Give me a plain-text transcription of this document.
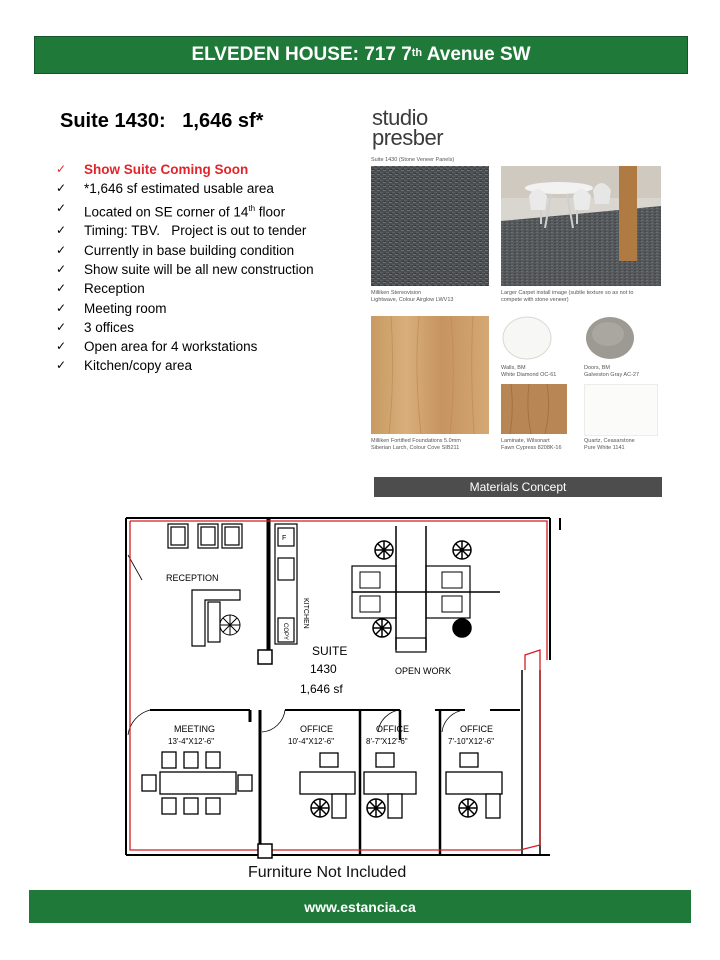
ELVEDEN HOUSE: 717 7th Avenue SW
Suite 1430:   1,646 sf*
✓ Show Suite Coming Soon
✓ *1,646 sf estimated usable area
✓ Located on SE corner of 14th floor
✓ Timing: TBV.   Project is out to tender
✓ Currently in base building condition
✓ Show suite will be all new construction
✓ Reception
✓ Meeting room
✓ 3 offices
✓ Open area for 4 workstations
✓ Kitchen/copy area
studio
presber
Suite 1430 (Stone Veneer Panels)
Milliken Stereovision
Lightwave, Colour Airglow LWV13
Larger Carpet install image (subtle texture so as not to
compete with stone veneer)
Milliken Fortified Foundations 5.0mm
Siberian Larch, Colour Cove SIB211
Walls, BM
White Diamond OC-61
Doors, BM
Galveston Gray AC-27
Laminate, Wilsonart
Fawn Cypress 8208K-16
Quartz, Ceasarstone
Pure White 1141
Materials Concept
RECEPTION
F
KITCHEN
COPY
SUITE
1430
1,646 sf
OPEN WORK
MEETING
13'-4"X12'-6"
OFFICE
10'-4"X12'-6"
OFFICE
8'-7"X12'-6"
OFFICE
7'-10"X12'-6"
Furniture Not Included
www.estancia.ca
